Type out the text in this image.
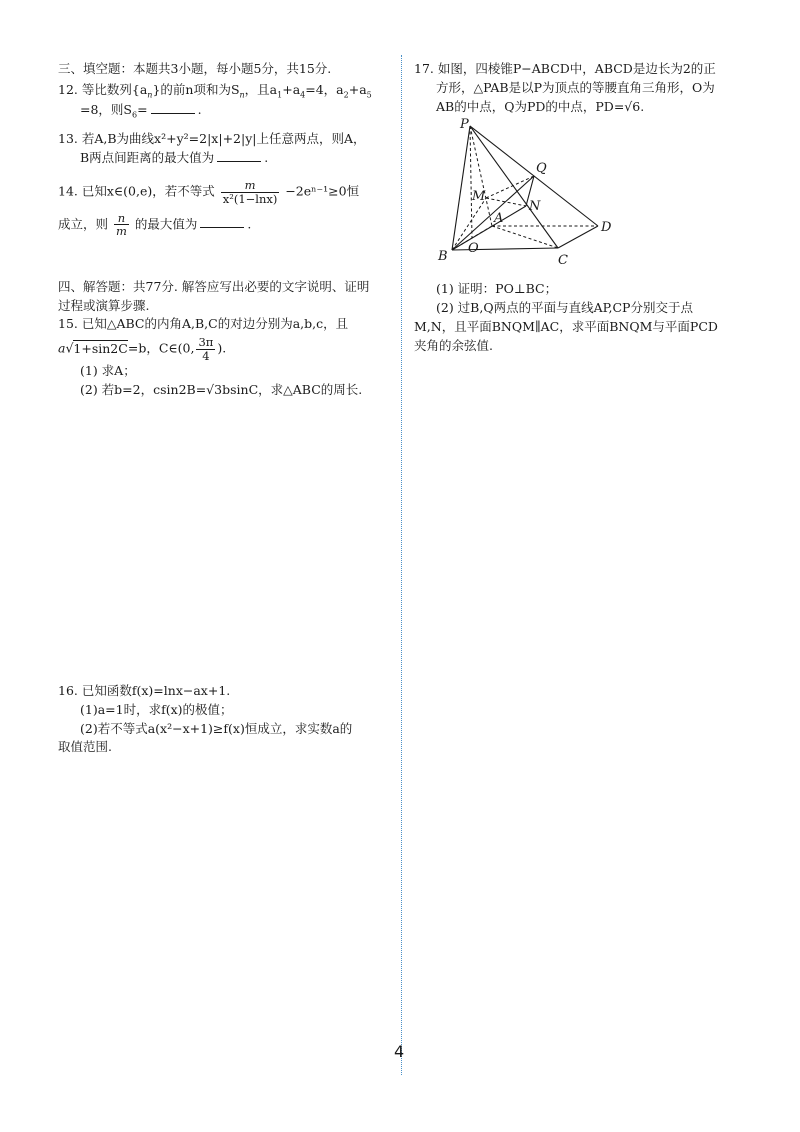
三、填空题：本题共3小题，每小题5分，共15分.

12. 等比数列$\{a_n\}$的前n项和为$S_n$，且$a_1+a_4=4$，$a_2+a_5$

=8，则$S_6=$	.

13. 若A,B为曲线x²+y²=2|x|+2|y|上任意两点，则A，

B两点间距离的最大值为	.

14. 已知x∈(0,e)，若不等式 $\frac{m}{\text{x²(1−lnx)}} -2e^{n-1}\ge 0$恒

成立，则 $\frac{n}{m}$ 的最大值为	.

四、解答题：共77分. 解答应写出必要的文字说明、证明

过程或演算步骤.

15. 已知△ABC的内角A,B,C的对边分别为a,b,c，且

a√1+sin2C=b，C∈(0, $\frac{3\pi}{4}$ ).

(1) 求A；

(2) 若b=2，csin2B=√3bsinC，求△ABC的周长.

16. 已知函数f(x)=lnx−ax+1.

(1)a=1时，求f(x)的极值；

(2)若不等式a(x²−x+1)≥f(x)恒成立，求实数a的

取值范围.

17. 如图，四棱锥P−ABCD中，ABCD是边长为2的正

方形，△PAB是以P为顶点的等腰直角三角形，O为

AB的中点，Q为PD的中点，PD=√6.

P
Q
M
N
A
D
B
O
C

(1) 证明：PO⊥BC；

(2) 过B,Q两点的平面与直线AP,CP分别交于点

M,N，且平面BNQM∥AC，求平面BNQM与平面PCD

夹角的余弦值.

4
